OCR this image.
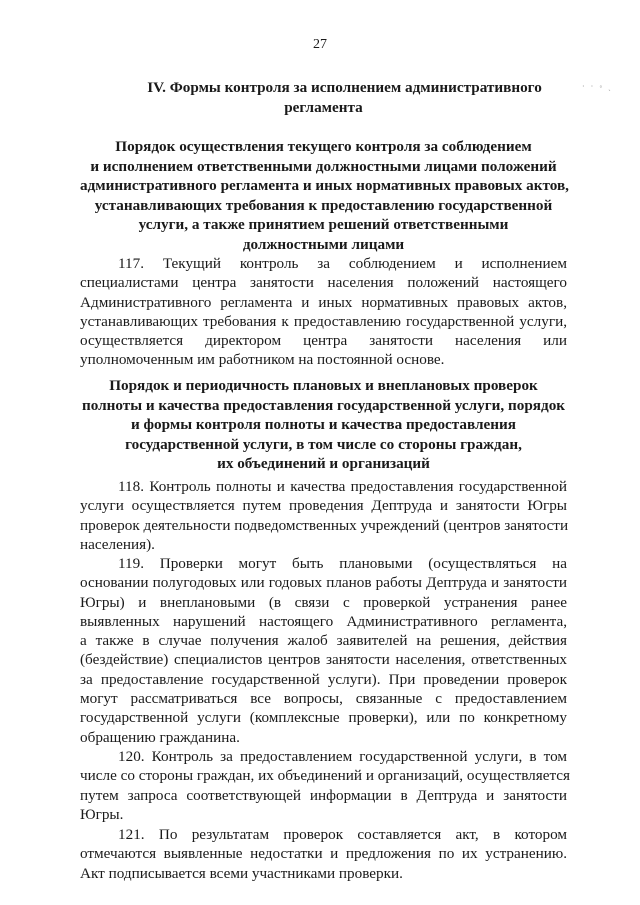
27
· · ◦ ˎ
IV. Формы контроля за исполнением административного
регламента
Порядок осуществления текущего контроля за соблюдением
и исполнением ответственными должностными лицами положений
административного регламента и иных нормативных правовых актов,
устанавливающих требования к предоставлению государственной
услуги, а также принятием решений ответственными
должностными лицами
117. Текущий контроль за соблюдением и исполнением
специалистами центра занятости населения положений настоящего
Административного регламента и иных нормативных правовых актов,
устанавливающих требования к предоставлению государственной услуги,
осуществляется директором центра занятости населения или
уполномоченным им работником на постоянной основе.
Порядок и периодичность плановых и внеплановых проверок
полноты и качества предоставления государственной услуги, порядок
и формы контроля полноты и качества предоставления
государственной услуги, в том числе со стороны граждан,
их объединений и организаций
118. Контроль полноты и качества предоставления государственной
услуги осуществляется путем проведения Дептруда и занятости Югры
проверок деятельности подведомственных учреждений (центров занятости
населения).
119. Проверки могут быть плановыми (осуществляться на
основании полугодовых или годовых планов работы Дептруда и занятости
Югры) и внеплановыми (в связи с проверкой устранения ранее
выявленных нарушений настоящего Административного регламента,
а также в случае получения жалоб заявителей на решения, действия
(бездействие) специалистов центров занятости населения, ответственных
за предоставление государственной услуги). При проведении проверок
могут рассматриваться все вопросы, связанные с предоставлением
государственной услуги (комплексные проверки), или по конкретному
обращению гражданина.
120. Контроль за предоставлением государственной услуги, в том
числе со стороны граждан, их объединений и организаций, осуществляется
путем запроса соответствующей информации в Дептруда и занятости
Югры.
121. По результатам проверок составляется акт, в котором
отмечаются выявленные недостатки и предложения по их устранению.
Акт подписывается всеми участниками проверки.
